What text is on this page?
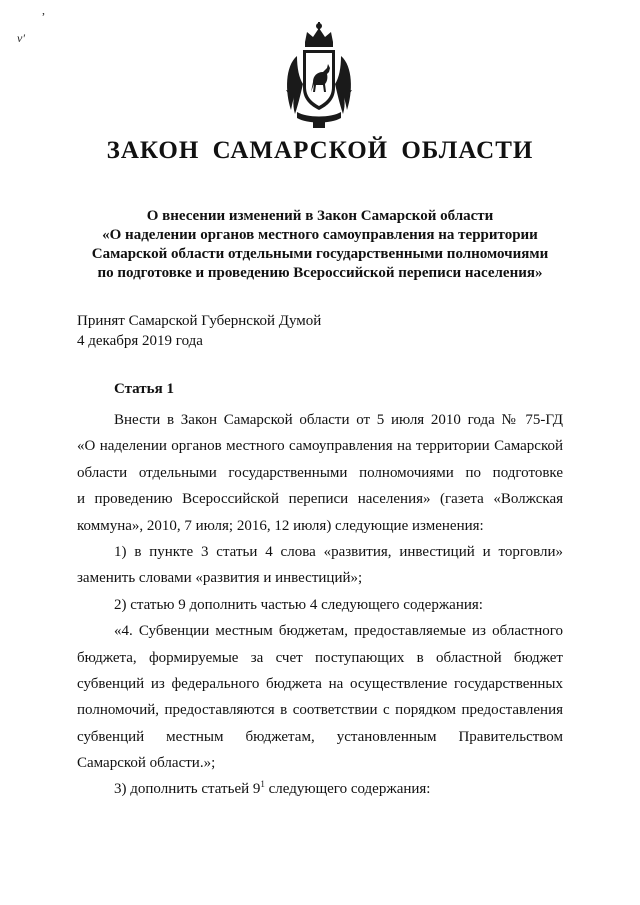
,
v'
ЗАКОН САМАРСКОЙ ОБЛАСТИ
О внесении изменений в Закон Самарской области
«О наделении органов местного самоуправления на территории
Самарской области отдельными государственными полномочиями
по подготовке и проведению Всероссийской переписи населения»
Принят Самарской Губернской Думой
4 декабря 2019 года
Статья 1
Внести в Закон Самарской области от 5 июля 2010 года № 75-ГД
«О наделении органов местного самоуправления на территории Самарской
области отдельными государственными полномочиями по подготовке
и проведению Всероссийской переписи населения» (газета «Волжская
коммуна», 2010, 7 июля; 2016, 12 июля) следующие изменения:
1) в пункте 3 статьи 4 слова «развития, инвестиций и торговли»
заменить словами «развития и инвестиций»;
2) статью 9 дополнить частью 4 следующего содержания:
«4. Субвенции местным бюджетам, предоставляемые из областного
бюджета, формируемые за счет поступающих в областной бюджет
субвенций из федерального бюджета на осуществление государственных
полномочий, предоставляются в соответствии с порядком предоставления
субвенций местным бюджетам, установленным Правительством
Самарской области.»;
3) дополнить статьей $9^1$ следующего содержания:
